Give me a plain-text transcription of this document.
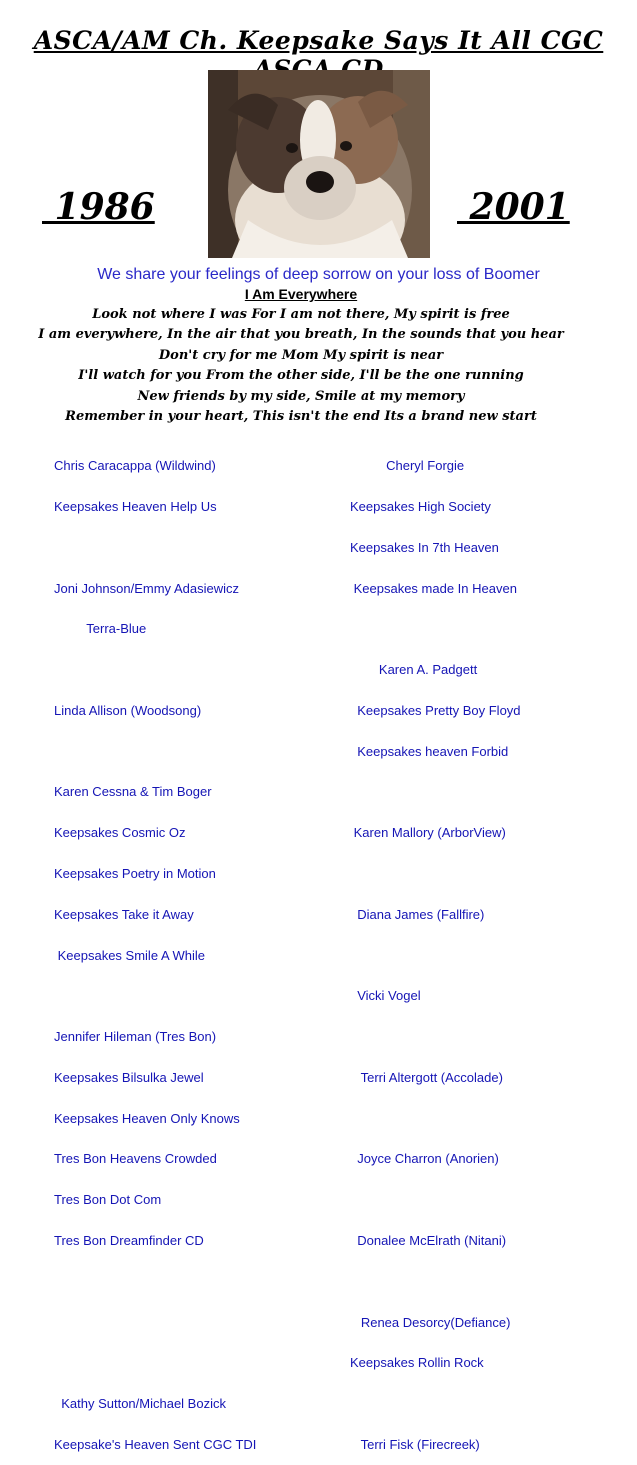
ASCA/AM Ch. Keepsake Says It All CGC
1986	2001
We share your feelings of deep sorrow on your loss of Boomer
I Am Everywhere
Look not where I was For I am not there, My spirit is free
I am everywhere, In the air that you breath, In the sounds that you hear
Don't cry for me Mom My spirit is near
I'll watch for you From the other side, I'll be the one running
New friends by my side, Smile at my memory
Remember in your heart, This isn't the end Its a brand new start

Chris Caracappa (Wildwind)

Keepsakes Heaven Help Us

Joni Johnson/Emmy Adasiewicz

Terra-Blue

Linda Allison (Woodsong)

Karen Cessna & Tim Boger

Keepsakes Cosmic Oz

Keepsakes Poetry in Motion

Keepsakes Take it Away

Keepsakes Smile A While

Jennifer Hileman (Tres Bon)

Keepsakes Bilsulka Jewel

Keepsakes Heaven Only Knows

Tres Bon Heavens Crowded

Tres Bon Dot Com

Tres Bon Dreamfinder CD

Kathy Sutton/Michael Bozick

Keepsake's Heaven Sent CGC TDI

Cheryl Forgie

Keepsakes High Society

Keepsakes In 7th Heaven

Keepsakes made In Heaven

Karen A. Padgett

Keepsakes Pretty Boy Floyd

Keepsakes heaven Forbid

Karen Mallory (ArborView)

Diana James (Fallfire)

Vicki Vogel

Terri Altergott (Accolade)

Joyce Charron (Anorien)

Donalee McElrath (Nitani)

Renea Desorcy(Defiance)

Keepsakes Rollin Rock

Terri Fisk (Firecreek)
